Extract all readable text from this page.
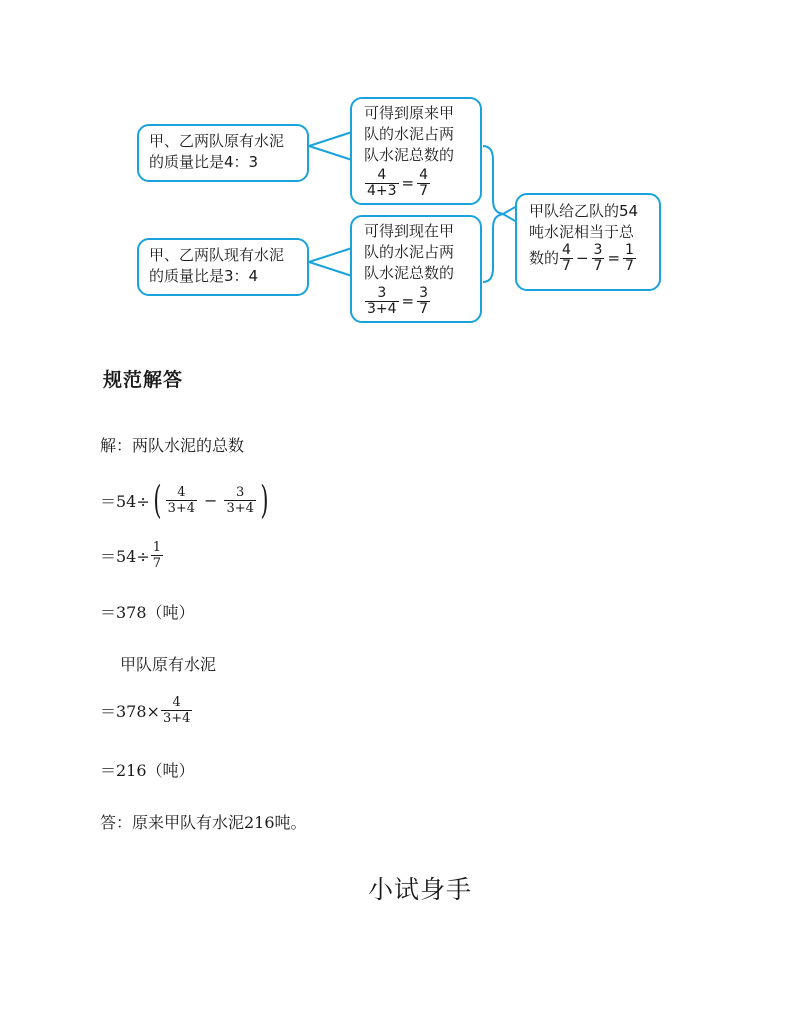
甲、乙两队原有水泥
的质量比是4：3
甲、乙两队现有水泥
的质量比是3：4
可得到原来甲
队的水泥占两
队水泥总数的
$\frac{4}{4+3} = \frac{4}{7}$
可得到现在甲
队的水泥占两
队水泥总数的
$\frac{3}{3+4} = \frac{3}{7}$
甲队给乙队的54
吨水泥相当于总
数的 $\frac{4}{7} - \frac{3}{7} = \frac{1}{7}$
规范解答
解：两队水泥的总数
＝54÷ ( $\frac{4}{3+4} - \frac{3}{3+4}$ )
$=54\div \frac{1}{7}$
＝378（吨）
甲队原有水泥
$=378\times \frac{4}{3+4}$
＝216（吨）
答：原来甲队有水泥216吨。
小试身手
